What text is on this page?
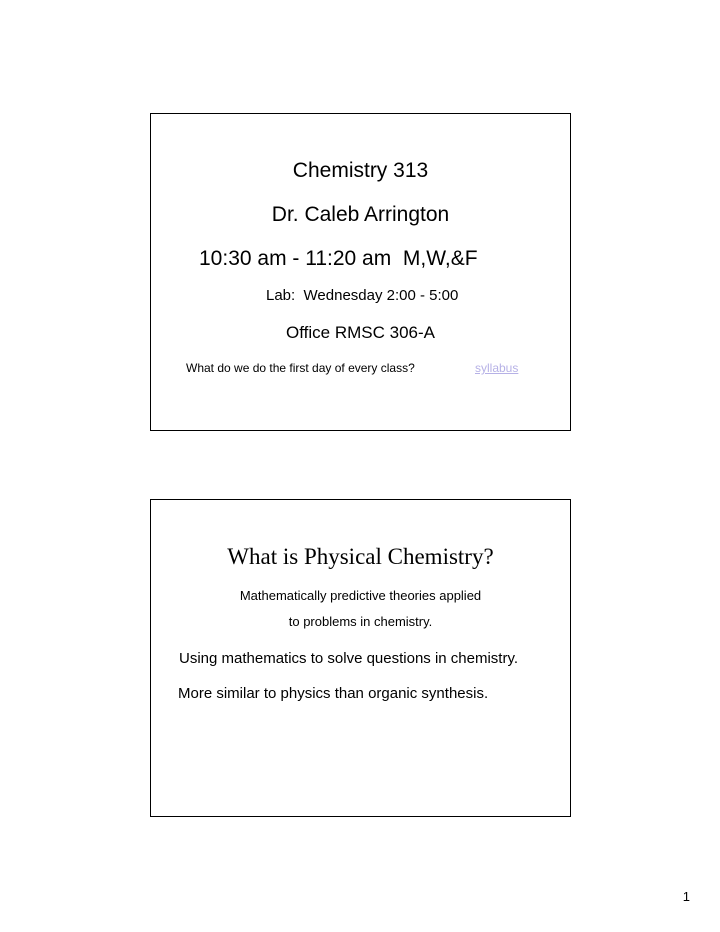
Chemistry 313
Dr. Caleb Arrington
10:30 am - 11:20 am  M,W,&F
Lab:  Wednesday 2:00 - 5:00
Office RMSC 306-A
What do we do the first day of every class?	syllabus
What is Physical Chemistry?
Mathematically predictive theories applied
to problems in chemistry.
Using mathematics to solve questions in chemistry.
More similar to physics than organic synthesis.
1
